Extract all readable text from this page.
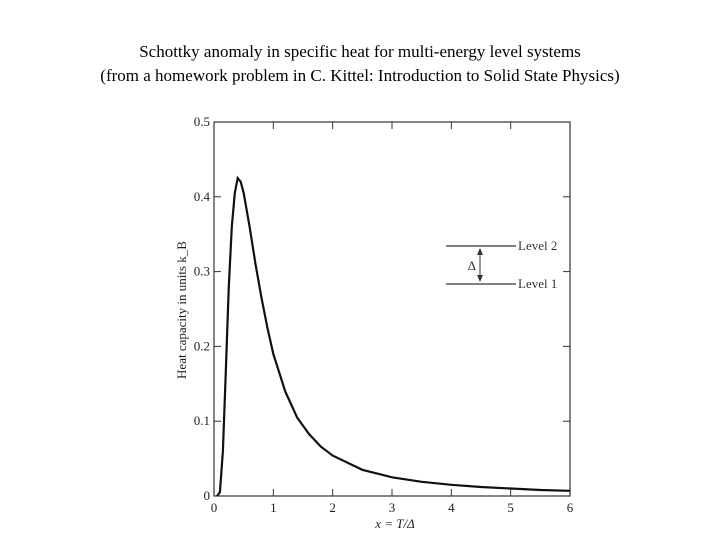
Schottky anomaly in specific heat for multi-energy level systems
(from a homework problem in C. Kittel: Introduction to Solid State Physics)
0
0.1
0.2
0.3
0.4
0.5
0	1	2	3	4	5	6
x = T/Δ
Heat capacity in units k_B	Δ
Level 2
Level 1
